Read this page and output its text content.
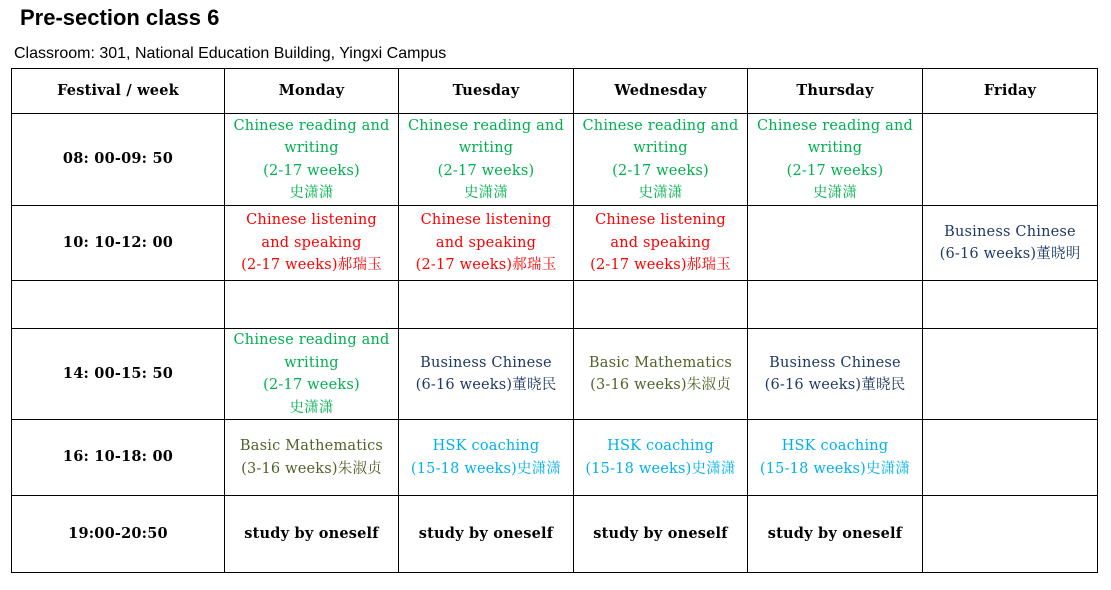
Pre-section class 6
Classroom: 301, National Education Building, Yingxi Campus
Festival / week	Monday	Tuesday	Wednesday	Thursday	Friday
08: 00-09: 50	Chinese reading and
writing
(2-17 weeks)
史潇潇	Chinese reading and
writing
(2-17 weeks)
史潇潇	Chinese reading and
writing
(2-17 weeks)
史潇潇	Chinese reading and
writing
(2-17 weeks)
史潇潇	

10: 10-12: 00	Chinese listening
and speaking
(2-17 weeks)郝瑞玉	Chinese listening
and speaking
(2-17 weeks)郝瑞玉	Chinese listening
and speaking
(2-17 weeks)郝瑞玉		Business Chinese
(6-16 weeks)董晓明

14: 00-15: 50	Chinese reading and
writing
(2-17 weeks)
史潇潇	Business Chinese
(6-16 weeks)董晓民	Basic Mathematics
(3-16 weeks)朱淑贞	Business Chinese
(6-16 weeks)董晓民	

16: 10-18: 00	Basic Mathematics
(3-16 weeks)朱淑贞	HSK coaching
(15-18 weeks)史潇潇	HSK coaching
(15-18 weeks)史潇潇	HSK coaching
(15-18 weeks)史潇潇	

19:00-20:50	study by oneself	study by oneself	study by oneself	study by oneself	
